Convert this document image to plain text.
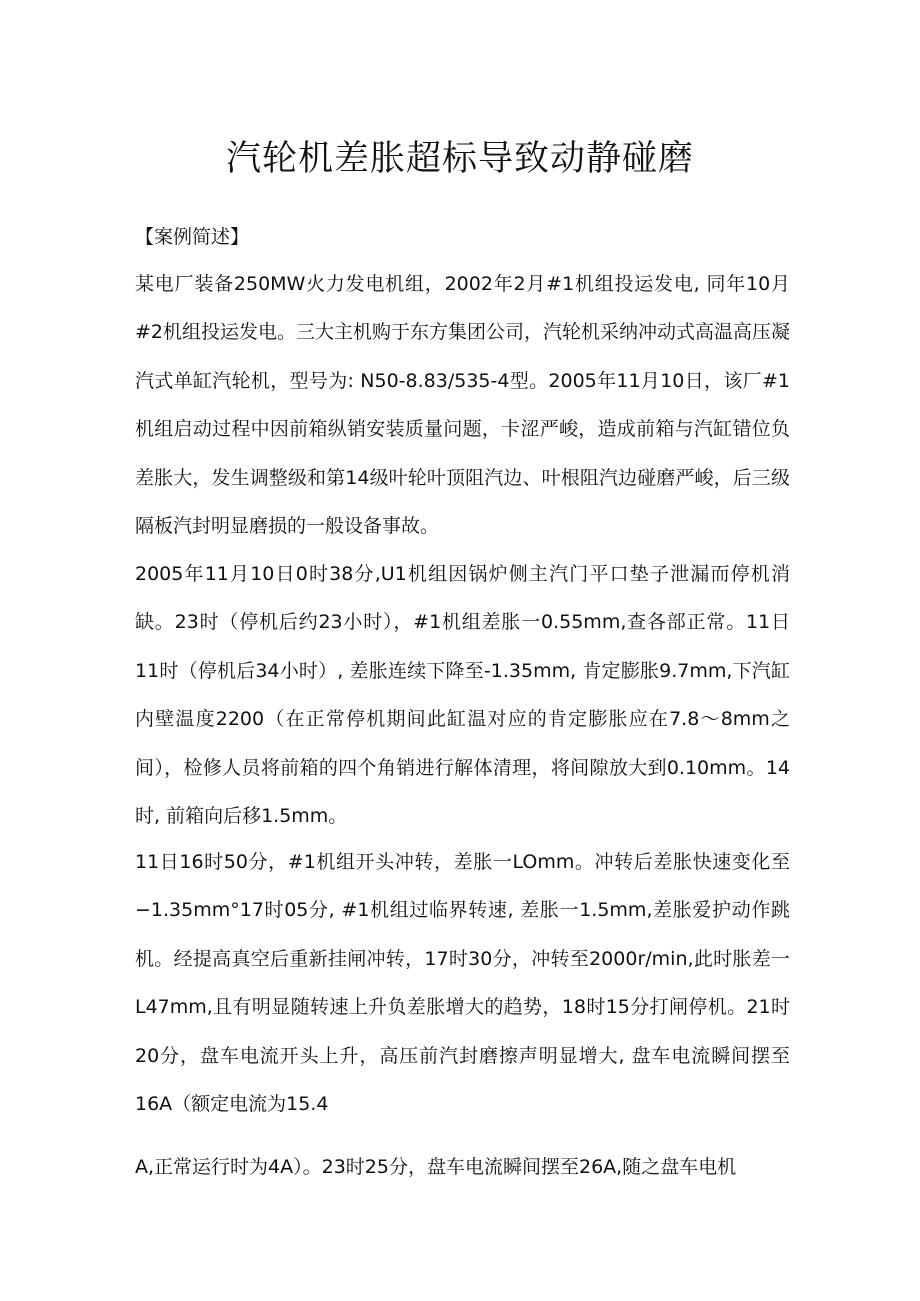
汽轮机差胀超标导致动静碰磨

【案例简述】

某电厂装备250MW火力发电机组，2002年2月#1机组投运发电, 同年10月#2机组投运发电。三大主机购于东方集团公司，汽轮机采纳冲动式高温高压凝汽式单缸汽轮机，型号为: N50-8.83/535-4型。2005年11月10日，该厂#1机组启动过程中因前箱纵销安装质量问题，卡涩严峻，造成前箱与汽缸错位负差胀大，发生调整级和第14级叶轮叶顶阻汽边、叶根阻汽边碰磨严峻，后三级隔板汽封明显磨损的一般设备事故。

2005年11月10日0时38分,U1机组因锅炉侧主汽门平口垫子泄漏而停机消缺。23时（停机后约23小时），#1机组差胀一0.55mm,查各部正常。11日11时（停机后34小时）, 差胀连续下降至-1.35mm, 肯定膨胀9.7mm,下汽缸内壁温度2200（在正常停机期间此缸温对应的肯定膨胀应在7.8～8mm之间），检修人员将前箱的四个角销进行解体清理，将间隙放大到0.10mm。14时, 前箱向后移1.5mm。

11日16时50分，#1机组开头冲转，差胀一LOmm。冲转后差胀快速变化至−1.35mm°17时05分, #1机组过临界转速, 差胀一1.5mm,差胀爱护动作跳机。经提高真空后重新挂闸冲转，17时30分，冲转至2000r/min,此时胀差一L47mm,且有明显随转速上升负差胀增大的趋势，18时15分打闸停机。21时20分，盘车电流开头上升，高压前汽封磨擦声明显增大, 盘车电流瞬间摆至16A（额定电流为15.4

A,正常运行时为4A）。23时25分，盘车电流瞬间摆至26A,随之盘车电机
